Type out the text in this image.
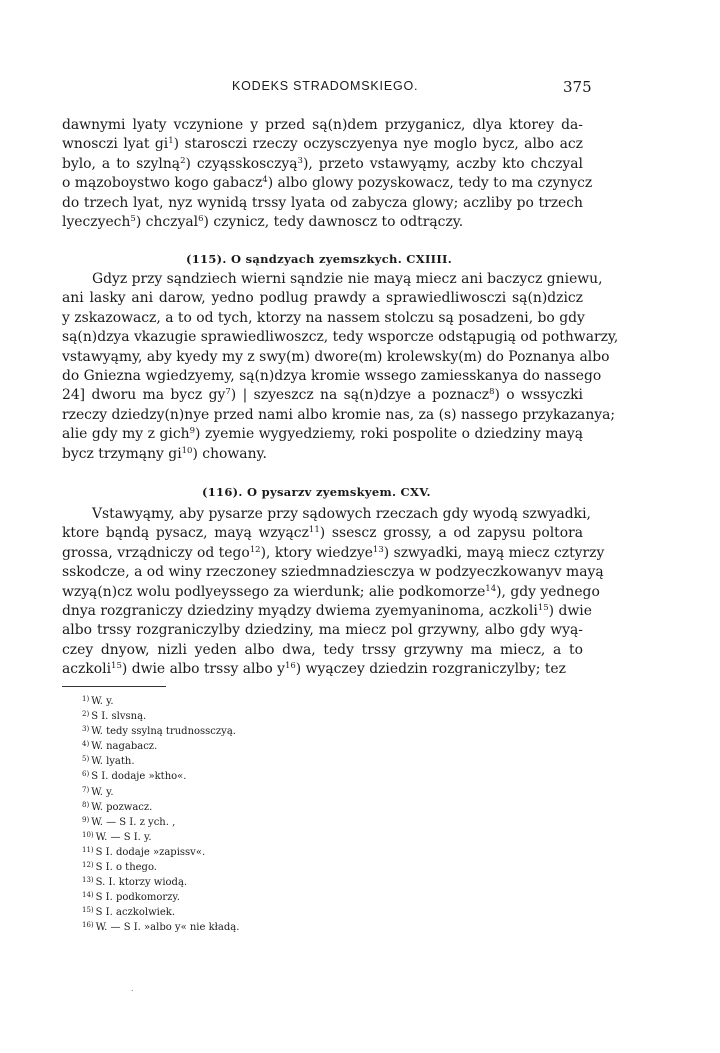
KODEKS STRADOMSKIEGO.	375
dawnymi lyaty vczynione y przed są(n)dem przyganicz, dlya ktorey da-
wnosczi lyat gi$^1$) starosczi rzeczy oczysczyenya nye moglo bycz, albo acz
bylo, a to szylną$^2$) czyąsskosczyą$^3$), przeto vstawyąmy, aczby kto chczyal
o mązoboystwo kogo gabacz$^4$) albo glowy pozyskowacz, tedy to ma czynycz
do trzech lyat, nyz wynidą trssy lyata od zabycza glowy; aczliby po trzech
lyeczyech$^5$) chczyal$^6$) czynicz, tedy dawnoscz to odtrączy.
(115). O sąndzyach zyemszkych. CXIIII.
Gdyz przy sąndziech wierni sąndzie nie mayą miecz ani baczycz gniewu,
ani lasky ani darow, yedno podlug prawdy a sprawiedliwosczi są(n)dzicz
y zskazowacz, a to od tych, ktorzy na nassem stolczu są posadzeni, bo gdy
są(n)dzya vkazugie sprawiedliwoszcz, tedy wsporcze odstąpugią od pothwarzy,
vstawyąmy, aby kyedy my z swy(m) dwore(m) krolewsky(m) do Poznanya albo
do Gniezna wgiedzyemy, są(n)dzya kromie wssego zamiesskanya do nassego
24] dworu ma bycz gy$^7$) | szyeszcz na są(n)dzye a poznacz$^8$) o wssyczki
rzeczy dziedzy(n)nye przed nami albo kromie nas, za (s) nassego przykazanya;
alie gdy my z gich$^9$) zyemie wygyedziemy, roki pospolite o dziedziny mayą
bycz trzymąny gi$^{10}$) chowany.
(116). O pysarzv zyemskyem. CXV.
Vstawyąmy, aby pysarze przy sądowych rzeczach gdy wyodą szwyadki,
ktore bąndą pysacz, mayą wzyącz$^{11}$) ssescz grossy, a od zapysu poltora
grossa, vrządniczy od tego$^{12}$), ktory wiedzye$^{13}$) szwyadki, mayą miecz cztyrzy
sskodcze, a od winy rzeczoney sziedmnadziesczya w podzyeczkowanyv mayą
wzyą(n)cz wolu podlyeyssego za wierdunk; alie podkomorze$^{14}$), gdy yednego
dnya rozgraniczy dziedziny myądzy dwiema zyemyaninoma, aczkoli$^{15}$) dwie
albo trssy rozgraniczylby dziedziny, ma miecz pol grzywny, albo gdy wyą-
czey dnyow, nizli yeden albo dwa, tedy trssy grzywny ma miecz, a to
aczkoli$^{15}$) dwie albo trssy albo y$^{16}$) wyączey dziedzin rozgraniczylby; tez
$^{1)}$ W. y.
$^{2)}$ S I. slvsną.
$^{3)}$ W. tedy ssylną trudnossczyą.
$^{4)}$ W. nagabacz.
$^{5)}$ W. lyath.
$^{6)}$ S I. dodaje »ktho«.
$^{7)}$ W. y.
$^{8)}$ W. pozwacz.
$^{9)}$ W. — S I. z ych. ,
$^{10)}$ W. — S I. y.
$^{11)}$ S I. dodaje »zapissv«.
$^{12)}$ S I. o thego.
$^{13)}$ S. I. ktorzy wiodą.
$^{14)}$ S I. podkomorzy.
$^{15)}$ S I. aczkolwiek.
$^{16)}$ W. — S I. »albo y« nie kładą.
˙
